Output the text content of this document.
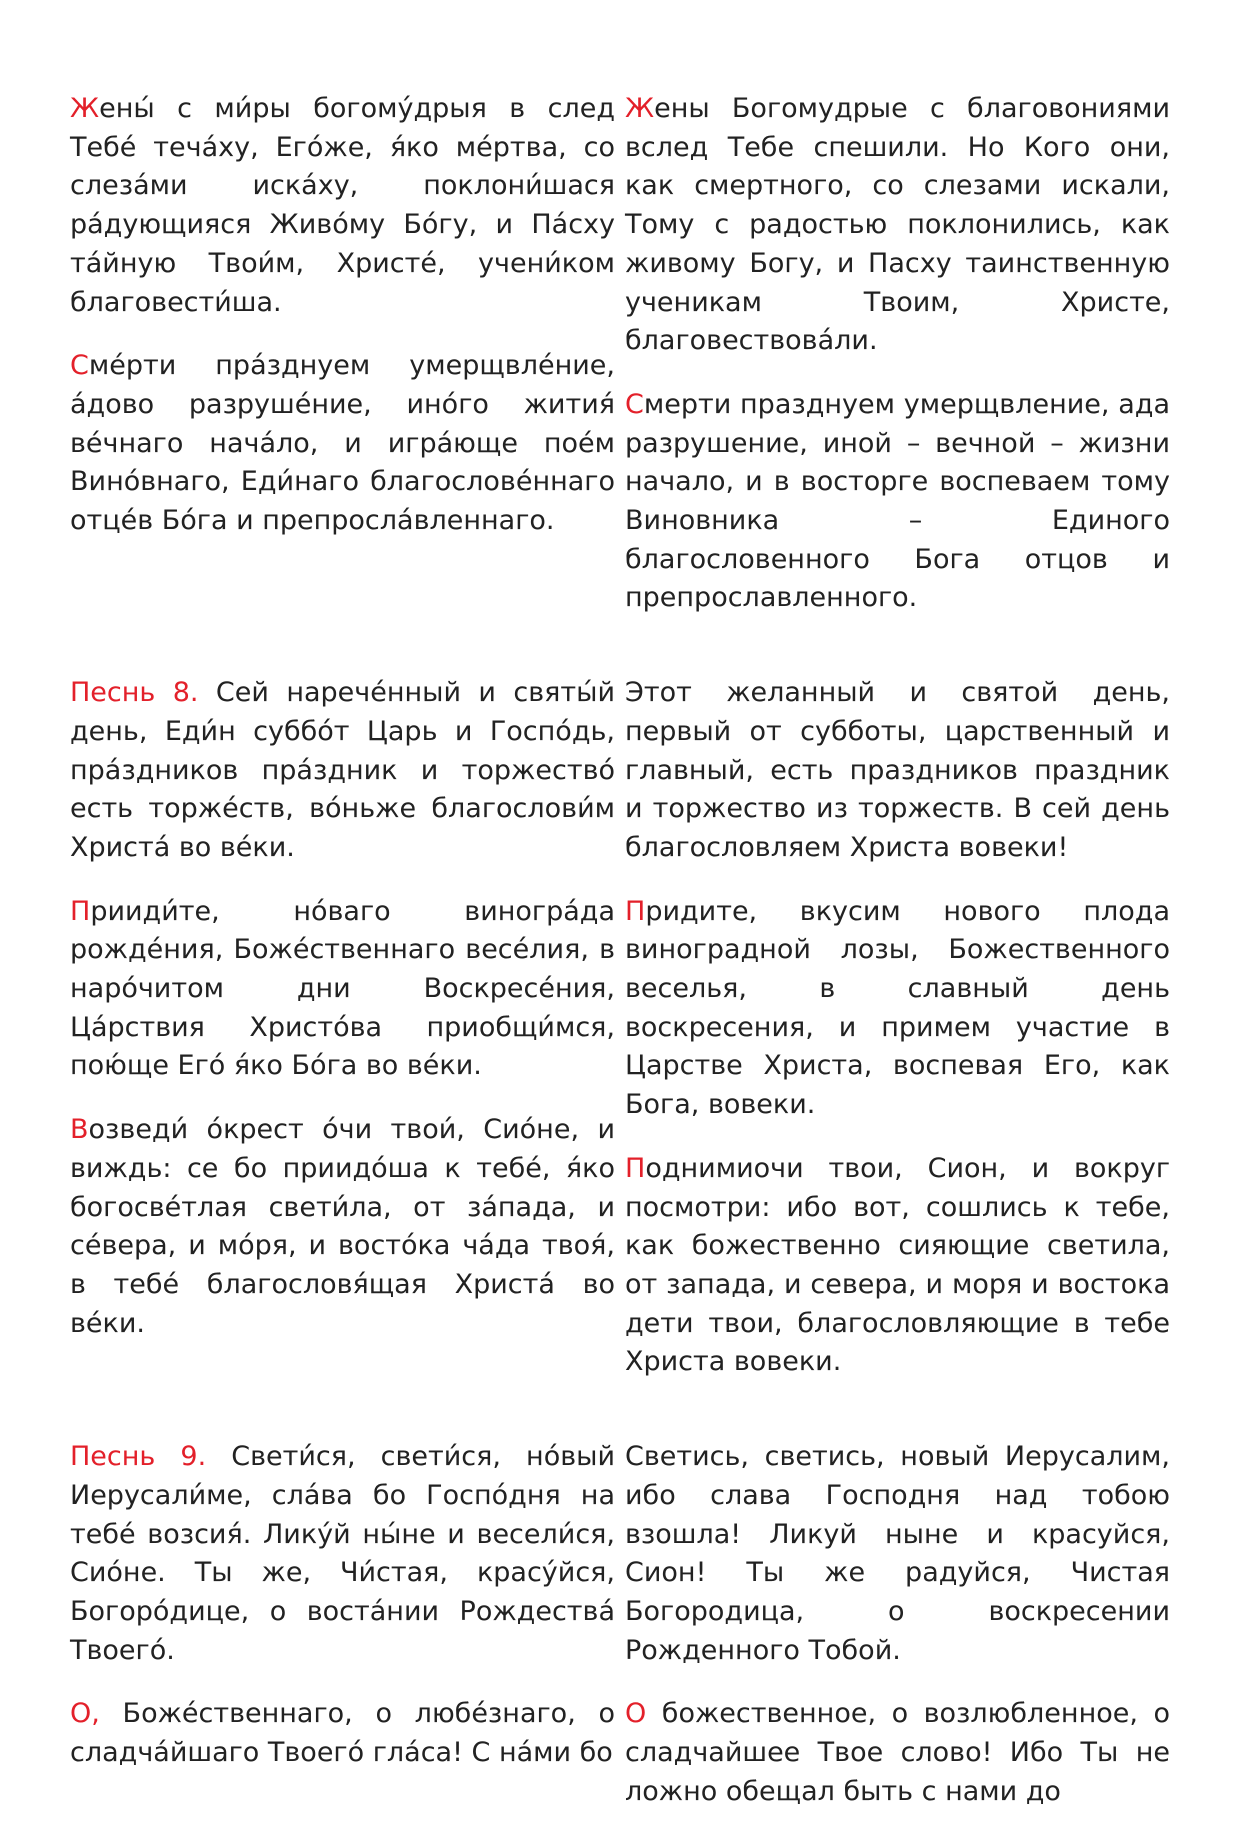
Жены́ с ми́ры богому́дрыя в след Тебе́ теча́ху, Его́же, я́ко ме́ртва, со слеза́ми иска́ху, поклони́шася ра́дующияся Живо́му Бо́гу, и Па́сху та́йную Твои́м, Христе́, учени́ком благовести́ша.

Сме́рти пра́зднуем умерщвле́ние, а́дово разруше́ние, ино́го жития́ ве́чнаго нача́ло, и игра́юще пое́м Вино́внаго, Еди́наго благослове́ннаго отце́в Бо́га и препросла́вленнаго.

Жены Богомудрые с благовониями вслед Тебе спешили. Но Кого они, как смертного, со слезами искали, Тому с радостью поклонились, как живому Богу, и Пасху таинственную ученикам Твоим, Христе, благовествова́ли.

Смерти празднуем умерщвление, ада разрушение, иной – вечной – жизни начало, и в восторге воспеваем тому Виновника – Единого благословенного Бога отцов и препрославленного.

Песнь 8. Сей нарече́нный и святы́й день, Еди́н суббо́т Царь и Госпо́дь, пра́здников пра́здник и торжество́ есть торже́ств, во́ньже благослови́м Христа́ во ве́ки.

Прииди́те, но́ваго виногра́да рожде́ния, Боже́ственнаго весе́лия, в наро́читом дни Воскресе́ния, Ца́рствия Христо́ва приобщи́мся, пою́ще Его́ я́ко Бо́га во ве́ки.

Возведи́ о́крест о́чи твои́, Сио́не, и виждь: се бо приидо́ша к тебе́, я́ко богосве́тлая свети́ла, от за́пада, и се́вера, и мо́ря, и восто́ка ча́да твоя́, в тебе́ благословя́щая Христа́ во ве́ки.

Этот желанный и святой день, первый от субботы, царственный и главный, есть праздников праздник и торжество из торжеств. В сей день благословляем Христа вовеки!

Придите, вкусим нового плода виноградной лозы, Божественного веселья, в славный день воскресения, и примем участие в Царстве Христа, воспевая Его, как Бога, вовеки.

Поднимиочи твои, Сион, и вокруг посмотри: ибо вот, сошлись к тебе, как божественно сияющие светила, от запада, и севера, и моря и востока дети твои, благословляющие в тебе Христа вовеки.

Песнь 9. Свети́ся, свети́ся, но́вый Иерусали́ме, сла́ва бо Госпо́дня на тебе́ возсия́. Лику́й ны́не и весели́ся, Сио́не. Ты же, Чи́стая, красу́йся, Богоро́дице, о воста́нии Рождества́ Твоего́.

О, Боже́ственнаго, о любе́знаго, о сладча́йшаго Твоего́ гла́са! С на́ми бо

Светись, светись, новый Иерусалим, ибо слава Господня над тобою взошла! Ликуй ныне и красуйся, Сион! Ты же радуйся, Чистая Богородица, о воскресении Рожденного Тобой.

О божественное, о возлюбленное, о сладчайшее Твое слово! Ибо Ты не ложно обещал быть с нами до
